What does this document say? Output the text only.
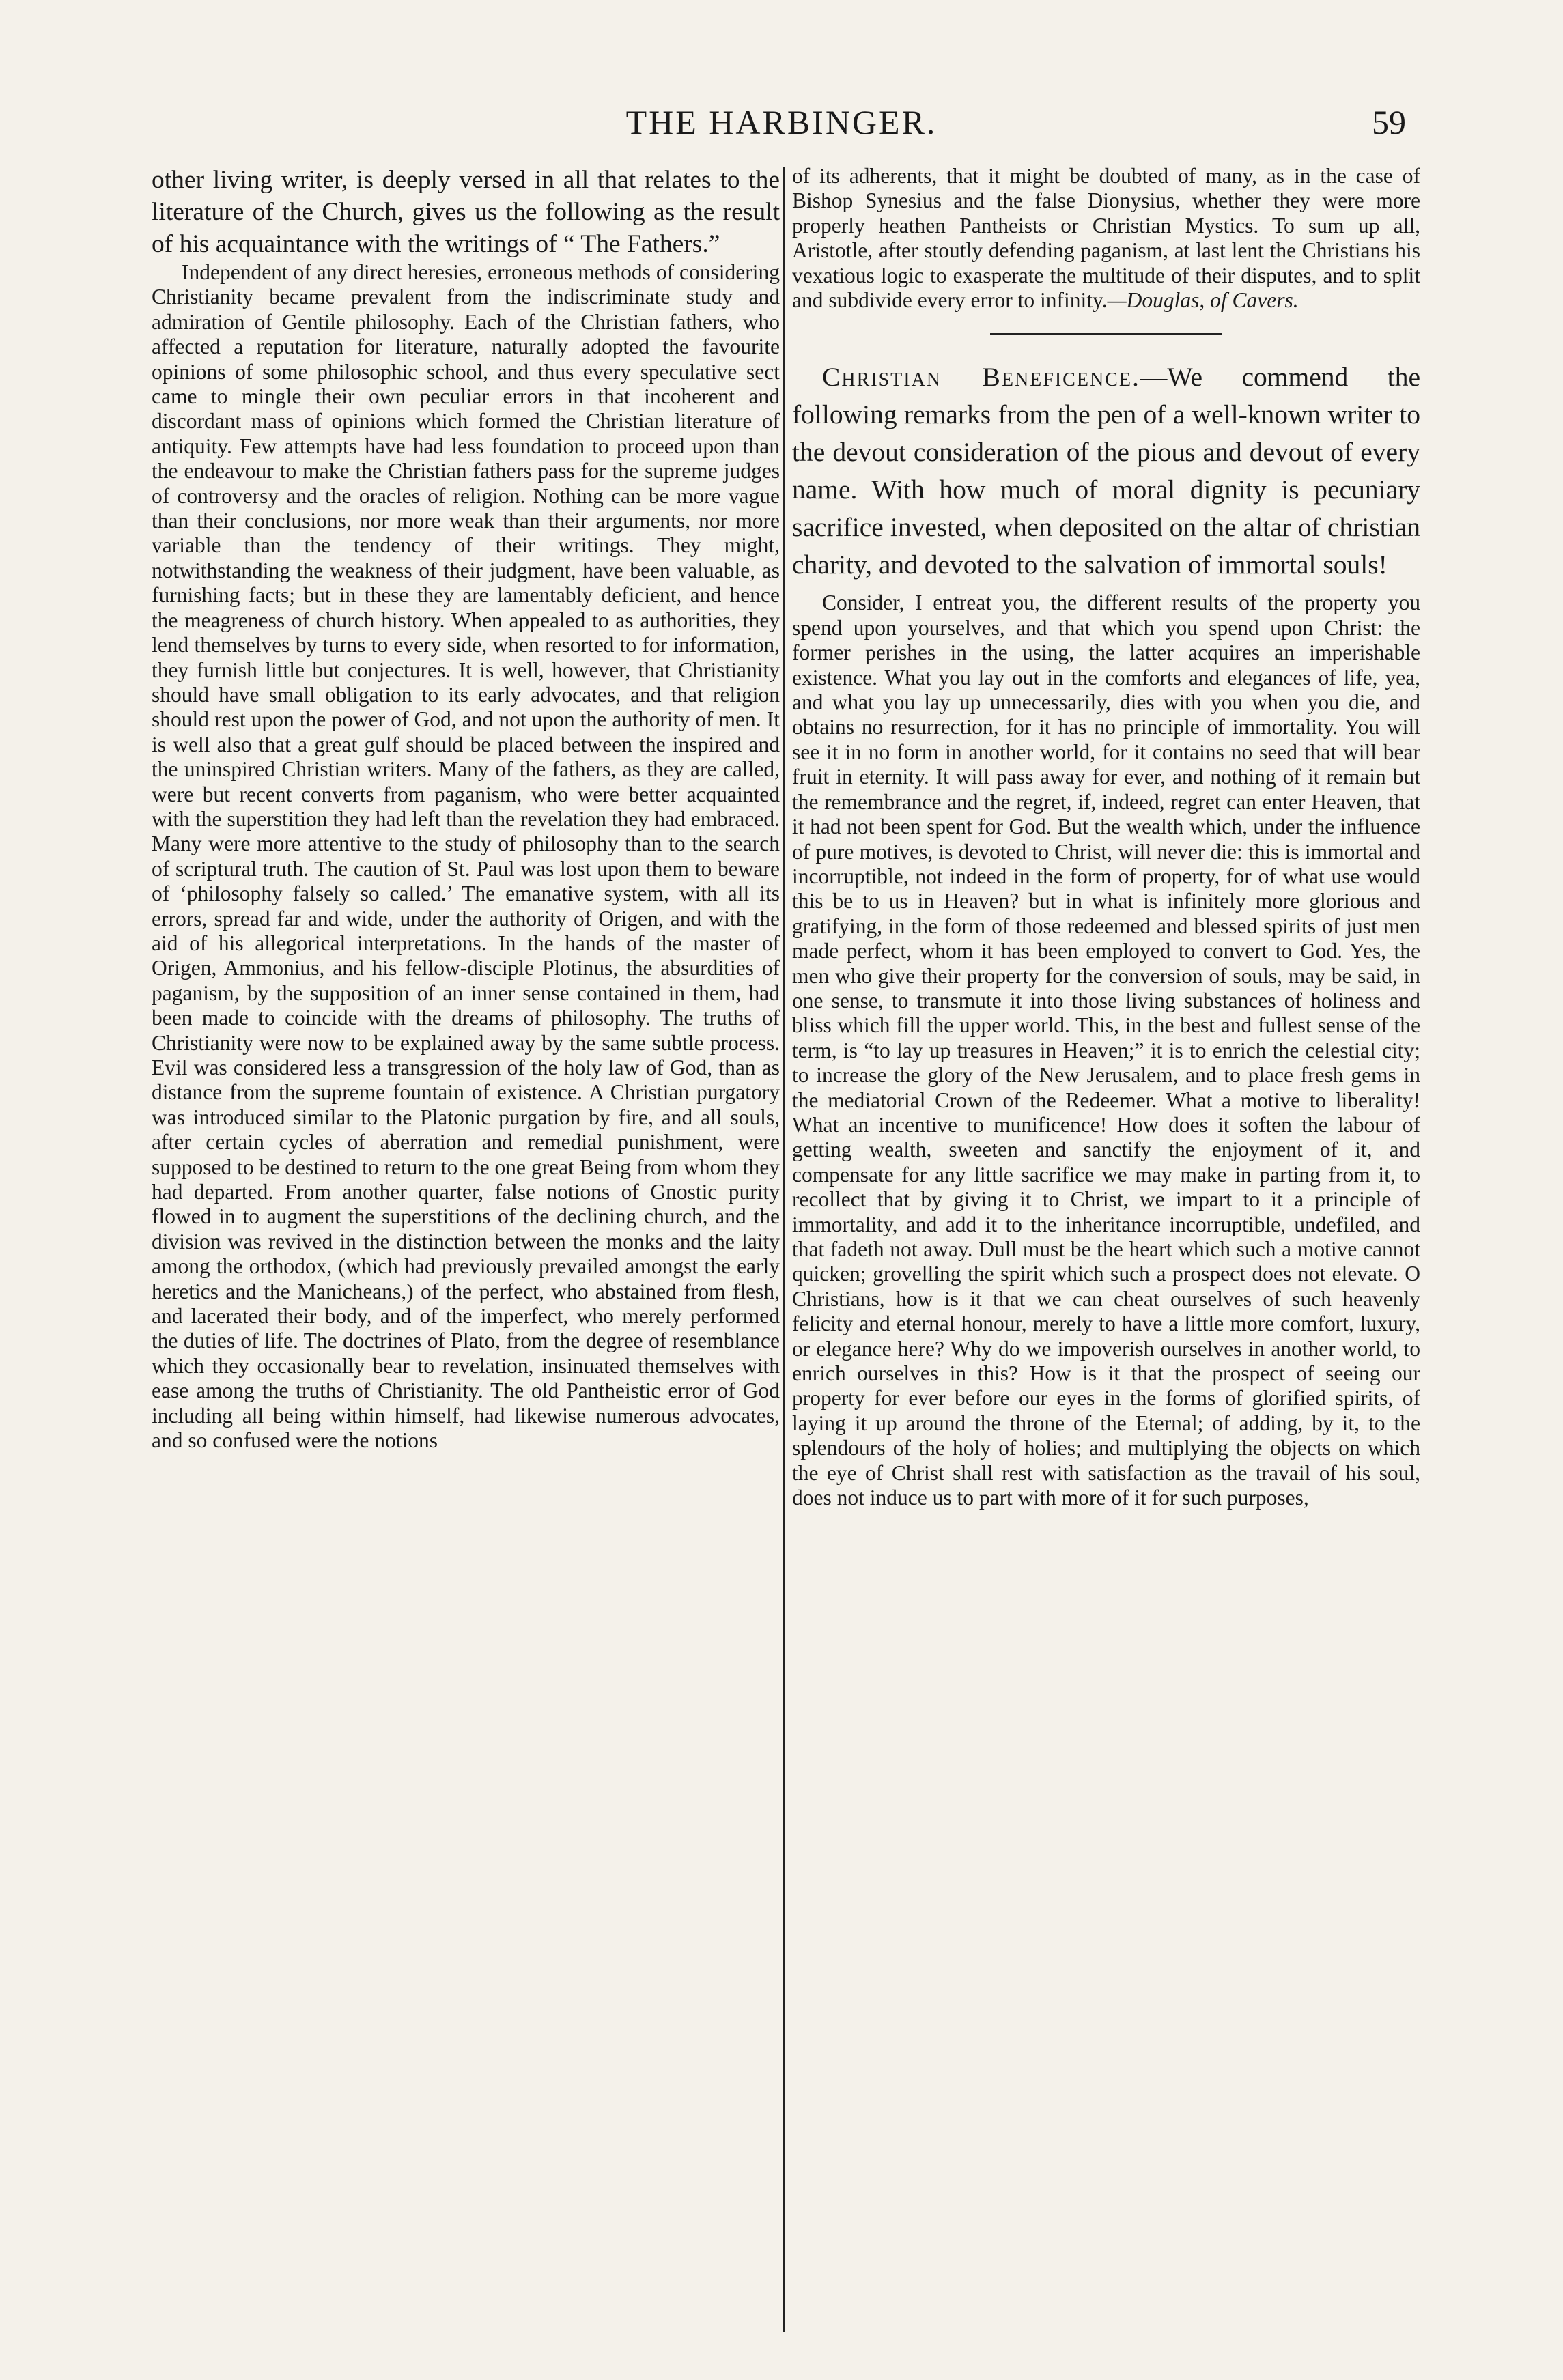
THE HARBINGER.	59

other living writer, is deeply versed in all that relates to the literature of the Church, gives us the following as the result of his acquaintance with the writings of “ The Fathers.”

Independent of any direct heresies, erroneous methods of considering Christianity became prevalent from the indiscriminate study and admiration of Gentile philosophy. Each of the Christian fathers, who affected a reputation for literature, naturally adopted the favourite opinions of some philosophic school, and thus every speculative sect came to mingle their own peculiar errors in that incoherent and discordant mass of opinions which formed the Christian literature of antiquity. Few attempts have had less foundation to proceed upon than the endeavour to make the Christian fathers pass for the supreme judges of controversy and the oracles of religion. Nothing can be more vague than their conclusions, nor more weak than their arguments, nor more variable than the tendency of their writings. They might, notwithstanding the weakness of their judgment, have been valuable, as furnishing facts; but in these they are lamentably deficient, and hence the meagreness of church history. When appealed to as authorities, they lend themselves by turns to every side, when resorted to for information, they furnish little but conjectures. It is well, however, that Christianity should have small obligation to its early advocates, and that religion should rest upon the power of God, and not upon the authority of men. It is well also that a great gulf should be placed between the inspired and the uninspired Christian writers. Many of the fathers, as they are called, were but recent converts from paganism, who were better acquainted with the superstition they had left than the revelation they had embraced. Many were more attentive to the study of philosophy than to the search of scriptural truth. The caution of St. Paul was lost upon them to beware of ‘philosophy falsely so called.’ The emanative system, with all its errors, spread far and wide, under the authority of Origen, and with the aid of his allegorical interpretations. In the hands of the master of Origen, Ammonius, and his fellow-disciple Plotinus, the absurdities of paganism, by the supposition of an inner sense contained in them, had been made to coincide with the dreams of philosophy. The truths of Christianity were now to be explained away by the same subtle process. Evil was considered less a transgression of the holy law of God, than as distance from the supreme fountain of existence. A Christian purgatory was introduced similar to the Platonic purgation by fire, and all souls, after certain cycles of aberration and remedial punishment, were supposed to be destined to return to the one great Being from whom they had departed. From another quarter, false notions of Gnostic purity flowed in to augment the superstitions of the declining church, and the division was revived in the distinction between the monks and the laity among the orthodox, (which had previously prevailed amongst the early heretics and the Manicheans,) of the perfect, who abstained from flesh, and lacerated their body, and of the imperfect, who merely performed the duties of life. The doctrines of Plato, from the degree of resemblance which they occasionally bear to revelation, insinuated themselves with ease among the truths of Christianity. The old Pantheistic error of God including all being within himself, had likewise numerous advocates, and so confused were the notions

of its adherents, that it might be doubted of many, as in the case of Bishop Synesius and the false Dionysius, whether they were more properly heathen Pantheists or Christian Mystics. To sum up all, Aristotle, after stoutly defending paganism, at last lent the Christians his vexatious logic to exasperate the multitude of their disputes, and to split and subdivide every error to infinity.—Douglas, of Cavers.

Christian Beneficence.—We commend the following remarks from the pen of a well-known writer to the devout consideration of the pious and devout of every name. With how much of moral dignity is pecuniary sacrifice invested, when deposited on the altar of christian charity, and devoted to the salvation of immortal souls!

Consider, I entreat you, the different results of the property you spend upon yourselves, and that which you spend upon Christ: the former perishes in the using, the latter acquires an imperishable existence. What you lay out in the comforts and elegances of life, yea, and what you lay up unnecessarily, dies with you when you die, and obtains no resurrection, for it has no principle of immortality. You will see it in no form in another world, for it contains no seed that will bear fruit in eternity. It will pass away for ever, and nothing of it remain but the remembrance and the regret, if, indeed, regret can enter Heaven, that it had not been spent for God. But the wealth which, under the influence of pure motives, is devoted to Christ, will never die: this is immortal and incorruptible, not indeed in the form of property, for of what use would this be to us in Heaven? but in what is infinitely more glorious and gratifying, in the form of those redeemed and blessed spirits of just men made perfect, whom it has been employed to convert to God. Yes, the men who give their property for the conversion of souls, may be said, in one sense, to transmute it into those living substances of holiness and bliss which fill the upper world. This, in the best and fullest sense of the term, is “to lay up treasures in Heaven;” it is to enrich the celestial city; to increase the glory of the New Jerusalem, and to place fresh gems in the mediatorial Crown of the Redeemer. What a motive to liberality! What an incentive to munificence! How does it soften the labour of getting wealth, sweeten and sanctify the enjoyment of it, and compensate for any little sacrifice we may make in parting from it, to recollect that by giving it to Christ, we impart to it a principle of immortality, and add it to the inheritance incorruptible, undefiled, and that fadeth not away. Dull must be the heart which such a motive cannot quicken; grovelling the spirit which such a prospect does not elevate. O Christians, how is it that we can cheat ourselves of such heavenly felicity and eternal honour, merely to have a little more comfort, luxury, or elegance here? Why do we impoverish ourselves in another world, to enrich ourselves in this? How is it that the prospect of seeing our property for ever before our eyes in the forms of glorified spirits, of laying it up around the throne of the Eternal; of adding, by it, to the splendours of the holy of holies; and multiplying the objects on which the eye of Christ shall rest with satisfaction as the travail of his soul, does not induce us to part with more of it for such purposes,
